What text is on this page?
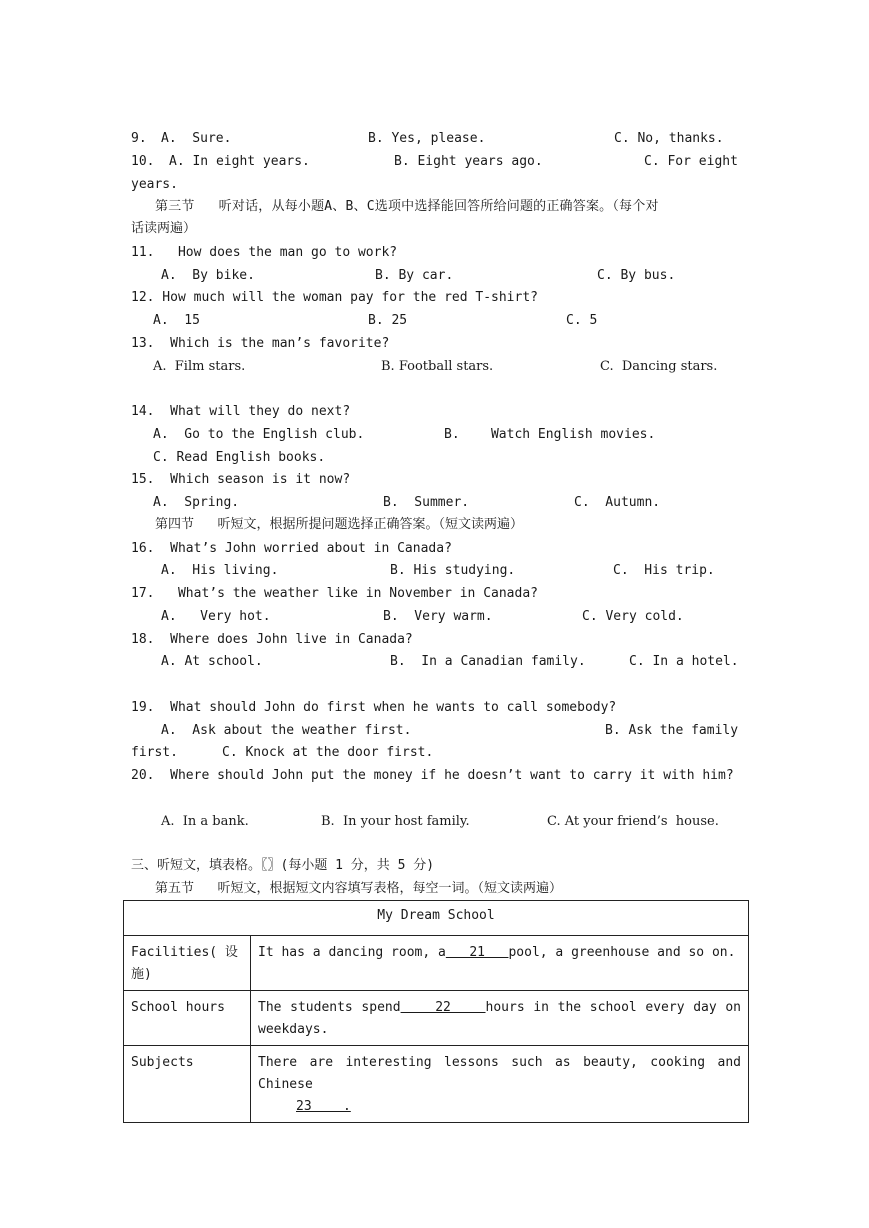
9. A.  Sure.	B. Yes, please.	C. No, thanks.
10. A. In eight years.	B. Eight years ago.	C. For eight
years.
第三节   听对话，从每小题A、B、C选项中选择能回答所给问题的正确答案。（每个对
话读两遍）
11.   How does the man go to work?
A.  By bike.	B. By car.	C. By bus.
12. How much will the woman pay for the red T-shirt?
A.  15	B. 25	C. 5
13.  Which is the man’s favorite?
A.  Film stars.	B. Football stars.	C.  Dancing stars.
14.  What will they do next?
A.  Go to the English club.	B.    Watch English movies.
C. Read English books.
15.  Which season is it now?
A.  Spring.	B.  Summer.	C.  Autumn.
第四节   听短文，根据所提问题选择正确答案。（短文读两遍）
16.  What’s John worried about in Canada?
A.  His living.	B. His studying.	C.  His trip.
17.   What’s the weather like in November in Canada?
A.   Very hot.	B.  Very warm.	C. Very cold.
18.  Where does John live in Canada?
A. At school.	B.  In a Canadian family.	C. In a hotel.
19.  What should John do first when he wants to call somebody?
A.  Ask about the weather first.	B. Ask the family
first.	C. Knock at the door first.
20.  Where should John put the money if he doesn’t want to carry it with him?
A.  In a bank.	B.  In your host family.	C. At your friend’s  house.
三、听短文，填表格。〖〗(每小题 1 分，共 5 分)
第五节   听短文，根据短文内容填写表格，每空一词。（短文读两遍）
My Dream School	
Facilities( 设施)	It has a dancing room, a   21   pool, a greenhouse and so on.
School hours	The students spend    22    hours in the school every day on weekdays.
Subjects	There are interesting lessons such as beauty, cooking and Chinese
23    .
